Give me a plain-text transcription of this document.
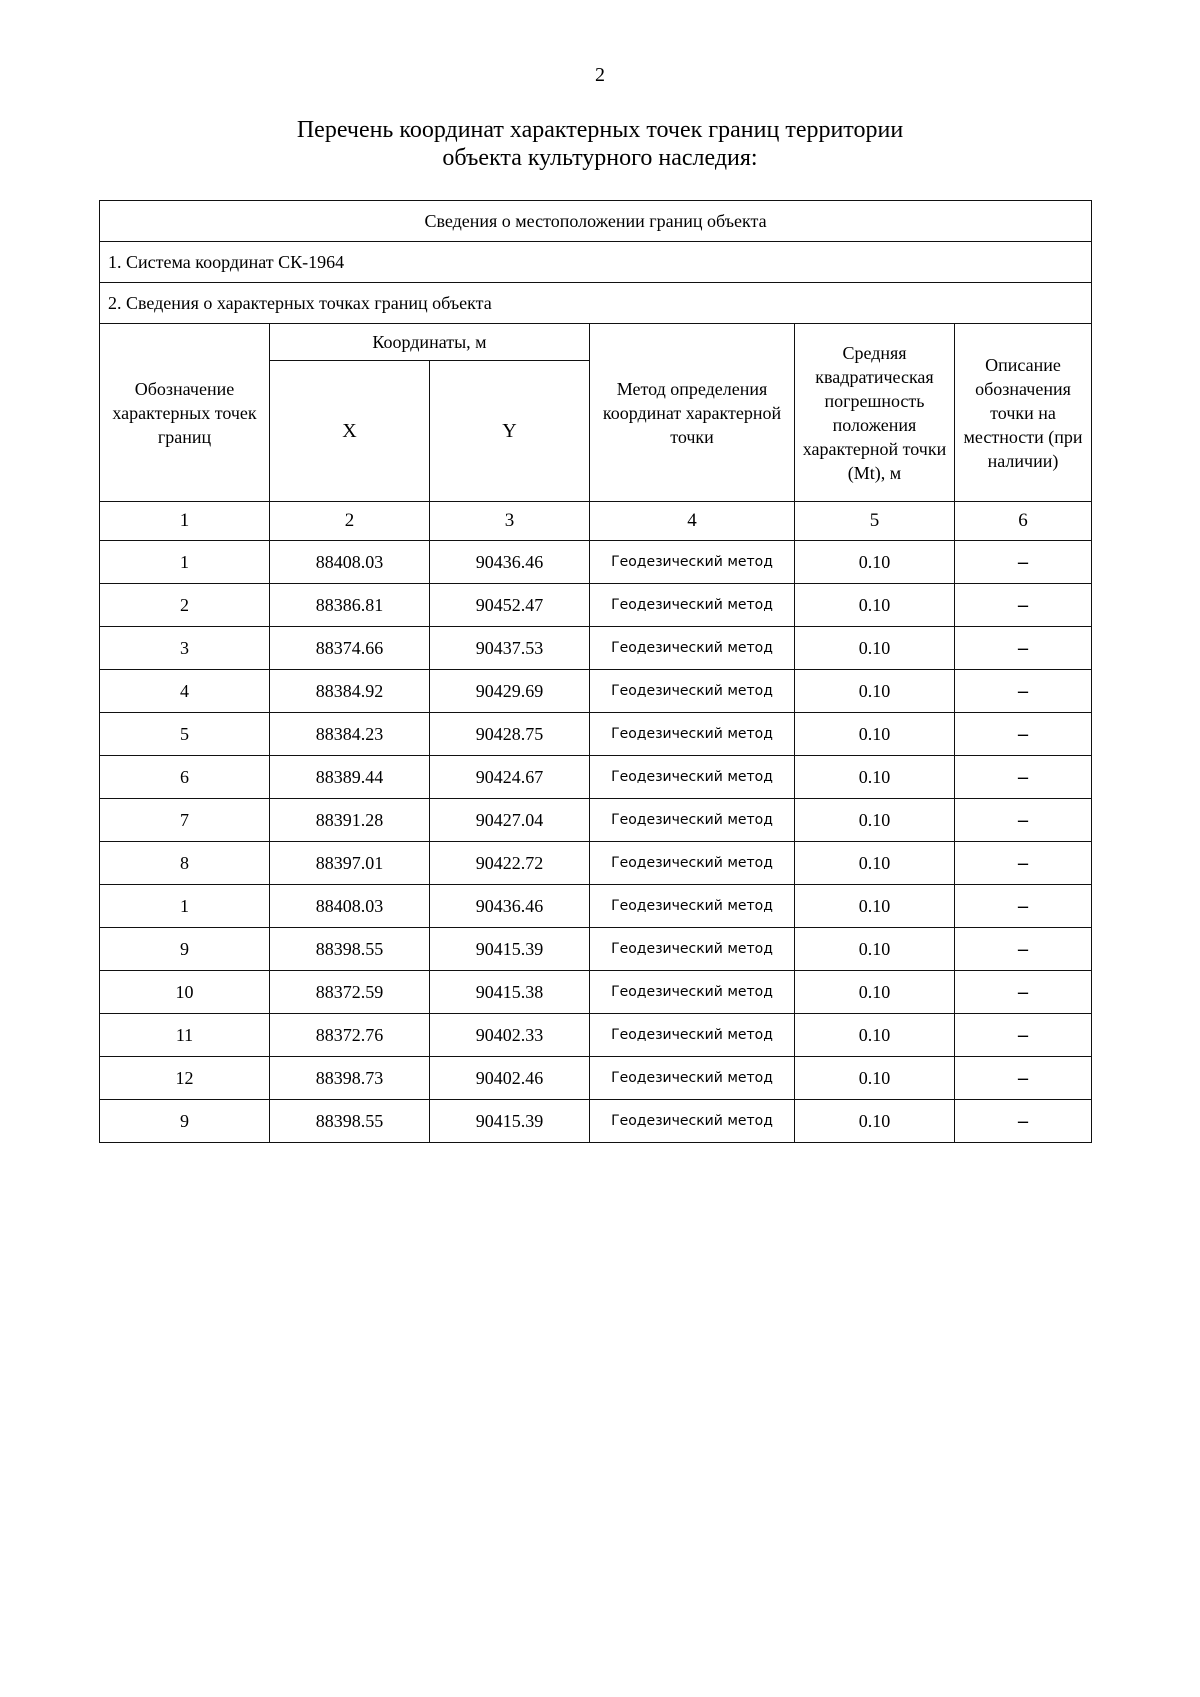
2
Перечень координат характерных точек границ территории
объекта культурного наследия:
Сведения о местоположении границ объекта					
1. Система координат СК-1964					
2. Сведения о характерных точках границ объекта					
Обозначение характерных точек границ	Координаты, м		Метод определения координат характерной точки	Средняя квадратическая погрешность положения характерной точки (Mt), м	Описание обозначения точки на местности (при наличии)
	X	Y			
1	2	3	4	5	6
1	88408.03	90436.46	Геодезический метод	0.10	–
2	88386.81	90452.47	Геодезический метод	0.10	–
3	88374.66	90437.53	Геодезический метод	0.10	–
4	88384.92	90429.69	Геодезический метод	0.10	–
5	88384.23	90428.75	Геодезический метод	0.10	–
6	88389.44	90424.67	Геодезический метод	0.10	–
7	88391.28	90427.04	Геодезический метод	0.10	–
8	88397.01	90422.72	Геодезический метод	0.10	–
1	88408.03	90436.46	Геодезический метод	0.10	–
9	88398.55	90415.39	Геодезический метод	0.10	–
10	88372.59	90415.38	Геодезический метод	0.10	–
11	88372.76	90402.33	Геодезический метод	0.10	–
12	88398.73	90402.46	Геодезический метод	0.10	–
9	88398.55	90415.39	Геодезический метод	0.10	–
